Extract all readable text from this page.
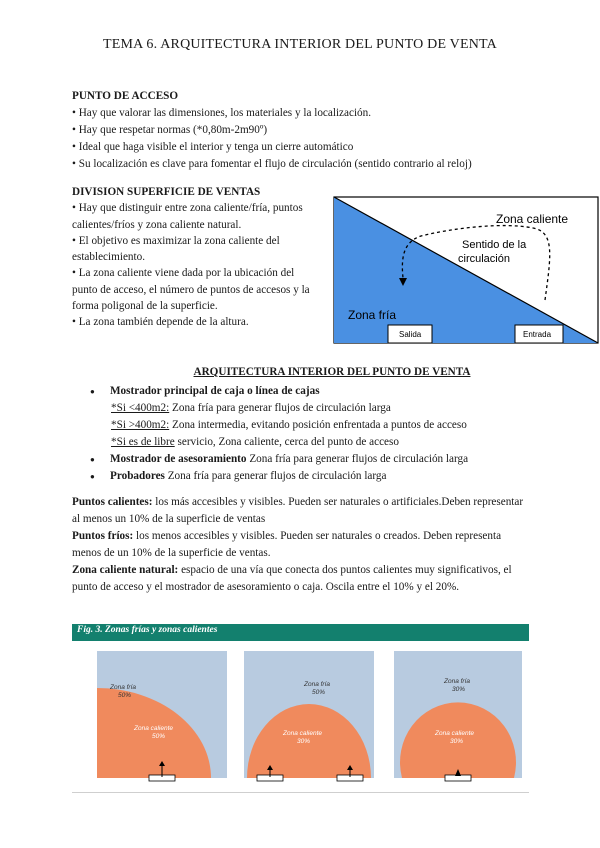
TEMA 6. ARQUITECTURA INTERIOR DEL PUNTO DE VENTA
PUNTO DE ACCESO
• Hay que valorar las dimensiones, los materiales y la localización.
• Hay que respetar normas (*0,80m-2m90º)
• Ideal que haga visible el interior y tenga un cierre automático
• Su localización es clave para fomentar el flujo de circulación (sentido contrario al reloj)
DIVISION SUPERFICIE DE VENTAS
• Hay que distinguir entre zona caliente/fría, puntos calientes/fríos y zona caliente natural.
• El objetivo es maximizar la zona caliente del establecimiento.
• La zona caliente viene dada por la ubicación del punto de acceso, el número de puntos de accesos y la forma poligonal de la superficie.
• La zona también depende de la altura.
Zona caliente
Sentido de la
circulación
Zona fría
Salida	Entrada
ARQUITECTURA INTERIOR DEL PUNTO DE VENTA
● Mostrador principal de caja o línea de cajas
*Si <400m2: Zona fría para generar flujos de circulación larga
*Si >400m2: Zona intermedia, evitando posición enfrentada a puntos de acceso
*Si es de libre servicio, Zona caliente, cerca del punto de acceso
● Mostrador de asesoramiento Zona fría para generar flujos de circulación larga
● Probadores Zona fría para generar flujos de circulación larga
Puntos calientes: los más accesibles y visibles. Pueden ser naturales o artificiales.Deben representar al menos un 10% de la superficie de ventas
Puntos fríos: los menos accesibles y visibles. Pueden ser naturales o creados. Deben representa menos de un 10% de la superficie de ventas.
Zona caliente natural: espacio de una vía que conecta dos puntos calientes muy significativos, el punto de acceso y el mostrador de asesoramiento o caja. Oscila entre el 10% y el 20%.
Fig. 3. Zonas frías y zonas calientes
Zona fría
50%
Zona caliente
50%
Zona fría
50%
Zona caliente
30%
Zona fría
30%
Zona caliente
30%
